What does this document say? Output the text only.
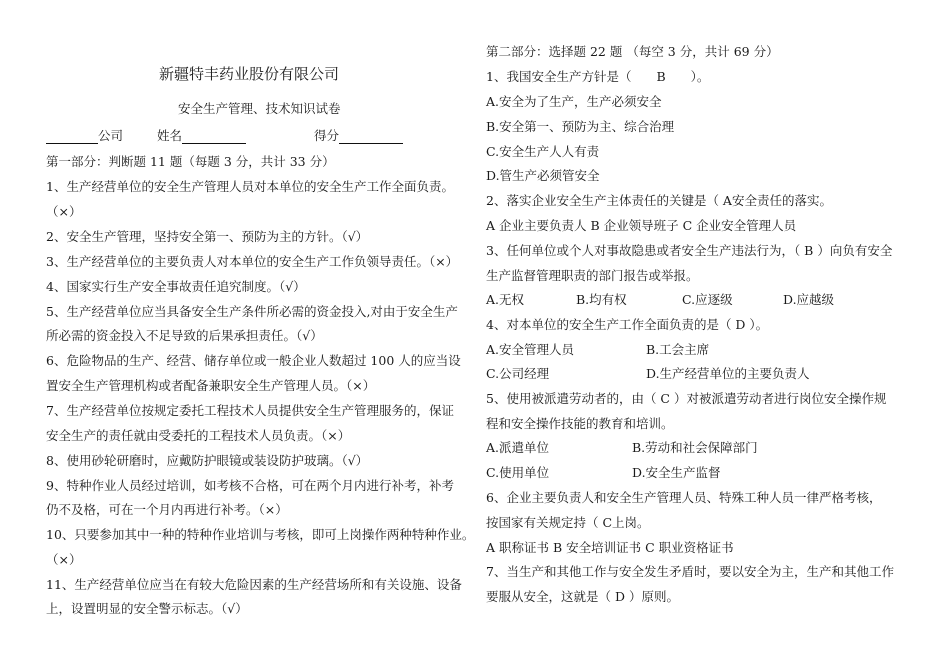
新疆特丰药业股份有限公司
安全生产管理、技术知识试卷
公司	姓名	得分
第一部分：判断题 11 题（每题 3 分，共计 33 分）
1、生产经营单位的安全生产管理人员对本单位的安全生产工作全面负责。
（×）
2、安全生产管理，坚持安全第一、预防为主的方针。（√）
3、生产经营单位的主要负责人对本单位的安全生产工作负领导责任。（×）
4、国家实行生产安全事故责任追究制度。（√）
5、生产经营单位应当具备安全生产条件所必需的资金投入,对由于安全生产
所必需的资金投入不足导致的后果承担责任。（√）
6、危险物品的生产、经营、储存单位或一般企业人数超过 100 人的应当设
置安全生产管理机构或者配备兼职安全生产管理人员。（×）
7、生产经营单位按规定委托工程技术人员提供安全生产管理服务的，保证
安全生产的责任就由受委托的工程技术人员负责。（×）
8、使用砂轮研磨时，应戴防护眼镜或装设防护玻璃。（√）
9、特种作业人员经过培训，如考核不合格，可在两个月内进行补考，补考
仍不及格，可在一个月内再进行补考。（×）
10、只要参加其中一种的特种作业培训与考核，即可上岗操作两种特种作业。
（×）
11、生产经营单位应当在有较大危险因素的生产经营场所和有关设施、设备
上，设置明显的安全警示标志。（√）
第二部分：选择题 22 题 （每空 3 分，共计 69 分）
1、我国安全生产方针是（　　B　　）。
A.安全为了生产，生产必须安全
B.安全第一、预防为主、综合治理
C.安全生产人人有责
D.管生产必须管安全
2、落实企业安全生产主体责任的关键是（ A安全责任的落实。
A 企业主要负责人 B 企业领导班子 C 企业安全管理人员
3、任何单位或个人对事故隐患或者安全生产违法行为，（ B ）向负有安全
生产监督管理职责的部门报告或举报。
A.无权	B.均有权	C.应逐级	D.应越级
4、对本单位的安全生产工作全面负责的是（ D ）。
A.安全管理人员	B.工会主席
C.公司经理	D.生产经营单位的主要负责人
5、使用被派遣劳动者的，由（ C ）对被派遣劳动者进行岗位安全操作规
程和安全操作技能的教育和培训。
A.派遣单位	B.劳动和社会保障部门
C.使用单位	D.安全生产监督
6、企业主要负责人和安全生产管理人员、特殊工种人员一律严格考核，
按国家有关规定持（ C上岗。
A 职称证书 B 安全培训证书 C 职业资格证书
7、当生产和其他工作与安全发生矛盾时，要以安全为主，生产和其他工作
要服从安全，这就是（ D ）原则。
